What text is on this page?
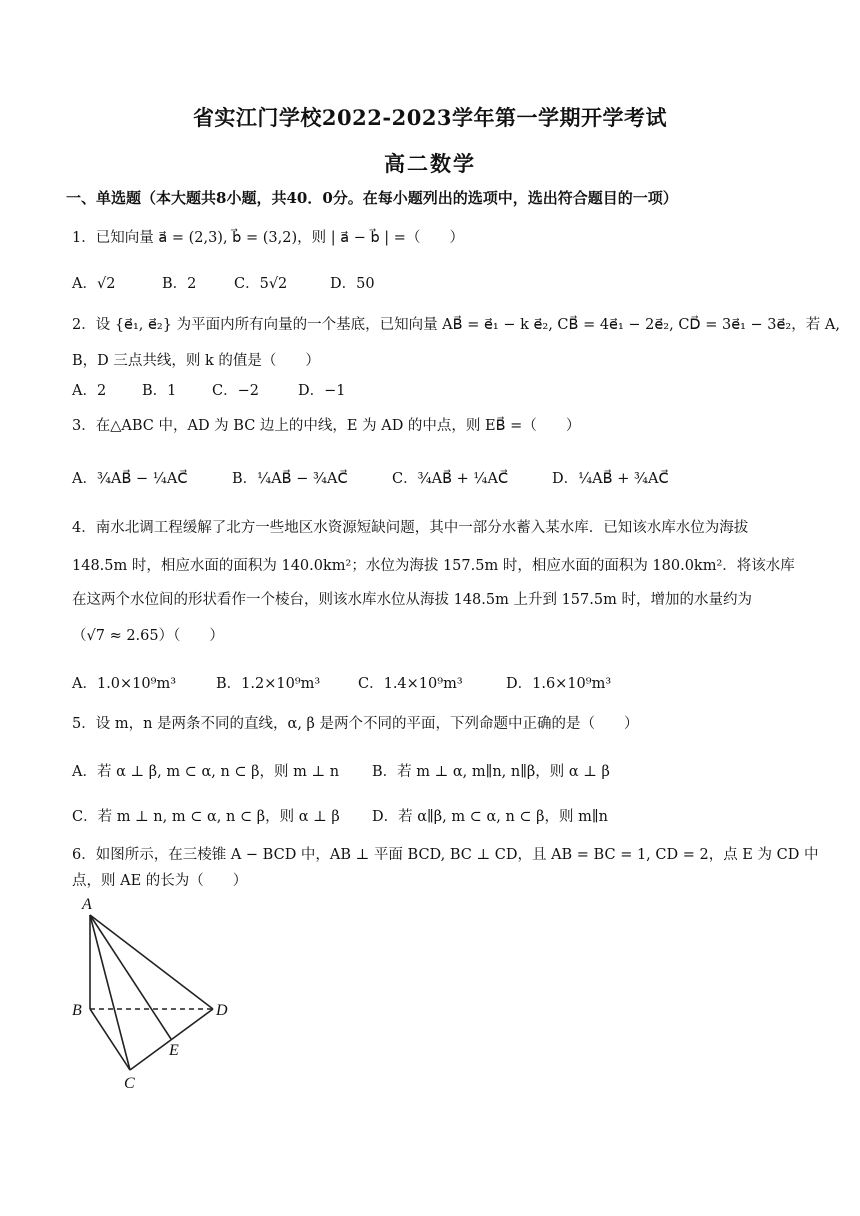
省实江门学校2022-2023学年第一学期开学考试
高二数学
一、单选题（本大题共8小题，共40．0分。在每小题列出的选项中，选出符合题目的一项）
1．已知向量 a⃗ = (2,3), b⃗ = (3,2)，则 | a⃗ − b⃗ | =（　　）
A．√2	B．2	C．5√2	D．50
2．设 {e⃗₁, e⃗₂} 为平面内所有向量的一个基底，已知向量 AB⃗ = e⃗₁ − k e⃗₂, CB⃗ = 4e⃗₁ − 2e⃗₂, CD⃗ = 3e⃗₁ − 3e⃗₂，若 A,
B，D 三点共线，则 k 的值是（　　）
A．2 B．1 C．−2	D．−1
3．在△ABC 中，AD 为 BC 边上的中线，E 为 AD 的中点，则 EB⃗ =（　　）
A．¾AB⃗ − ¼AC⃗	B．¼AB⃗ − ¾AC⃗	C．¾AB⃗ + ¼AC⃗	D．¼AB⃗ + ¾AC⃗
4．南水北调工程缓解了北方一些地区水资源短缺问题，其中一部分水蓄入某水库．已知该水库水位为海拔
148.5m 时，相应水面的面积为 140.0km²；水位为海拔 157.5m 时，相应水面的面积为 180.0km²．将该水库
在这两个水位间的形状看作一个棱台，则该水库水位从海拔 148.5m 上升到 157.5m 时，增加的水量约为
（√7 ≈ 2.65）（　　）
A．1.0×10⁹m³	B．1.2×10⁹m³	C．1.4×10⁹m³	D．1.6×10⁹m³
5．设 m，n 是两条不同的直线，α, β 是两个不同的平面，下列命题中正确的是（　　）
A．若 α ⊥ β, m ⊂ α, n ⊂ β，则 m ⊥ n B．若 m ⊥ α, m∥n, n∥β，则 α ⊥ β
C．若 m ⊥ n, m ⊂ α, n ⊂ β，则 α ⊥ β D．若 α∥β, m ⊂ α, n ⊂ β，则 m∥n
6．如图所示，在三棱锥 A − BCD 中，AB ⊥ 平面 BCD, BC ⊥ CD，且 AB = BC = 1, CD = 2，点 E 为 CD 中
点，则 AE 的长为（　　）
A
B	D
E
C
